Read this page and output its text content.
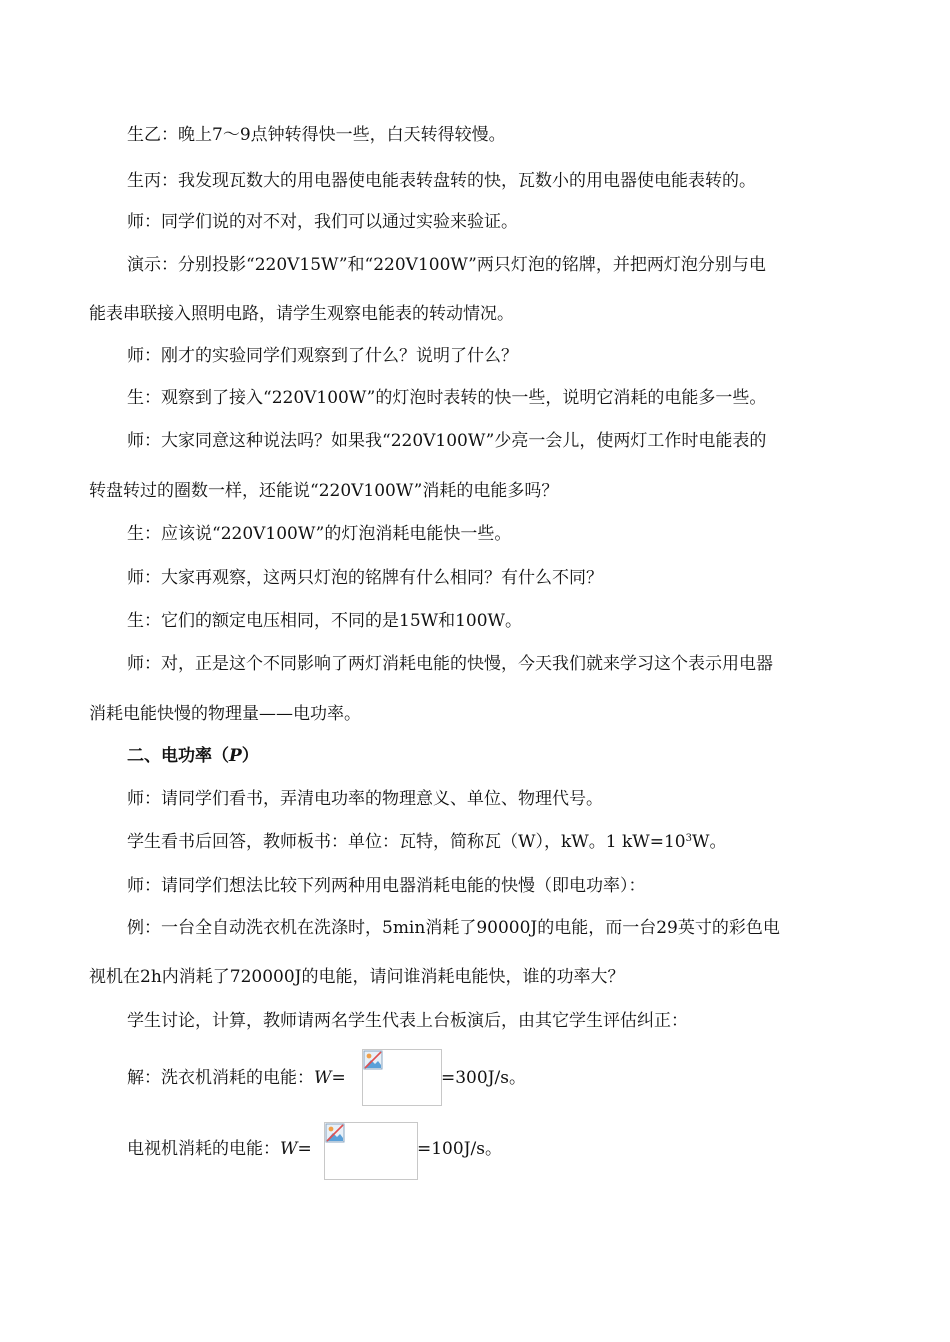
生乙：晚上7～9点钟转得快一些，白天转得较慢。
生丙：我发现瓦数大的用电器使电能表转盘转的快，瓦数小的用电器使电能表转的。
师：同学们说的对不对，我们可以通过实验来验证。
演示：分别投影“220V15W”和“220V100W”两只灯泡的铭牌，并把两灯泡分别与电
能表串联接入照明电路，请学生观察电能表的转动情况。
师：刚才的实验同学们观察到了什么？说明了什么？
生：观察到了接入“220V100W”的灯泡时表转的快一些，说明它消耗的电能多一些。
师：大家同意这种说法吗？如果我“220V100W”少亮一会儿，使两灯工作时电能表的
转盘转过的圈数一样，还能说“220V100W”消耗的电能多吗？
生：应该说“220V100W”的灯泡消耗电能快一些。
师：大家再观察，这两只灯泡的铭牌有什么相同？有什么不同？
生：它们的额定电压相同，不同的是15W和100W。
师：对，正是这个不同影响了两灯消耗电能的快慢，今天我们就来学习这个表示用电器
消耗电能快慢的物理量——电功率。
二、电功率（P）
师：请同学们看书，弄清电功率的物理意义、单位、物理代号。
学生看书后回答，教师板书：单位：瓦特，简称瓦（W），kW。1 $kW=10^3W$。
师：请同学们想法比较下列两种用电器消耗电能的快慢（即电功率）：
例：一台全自动洗衣机在洗涤时，5min消耗了90000J的电能，而一台29英寸的彩色电
视机在2h内消耗了720000J的电能，请问谁消耗电能快，谁的功率大？
学生讨论，计算，教师请两名学生代表上台板演后，由其它学生评估纠正：
解：洗衣机消耗的电能：W=	=300J/s。
电视机消耗的电能：W=	=100J/s。
